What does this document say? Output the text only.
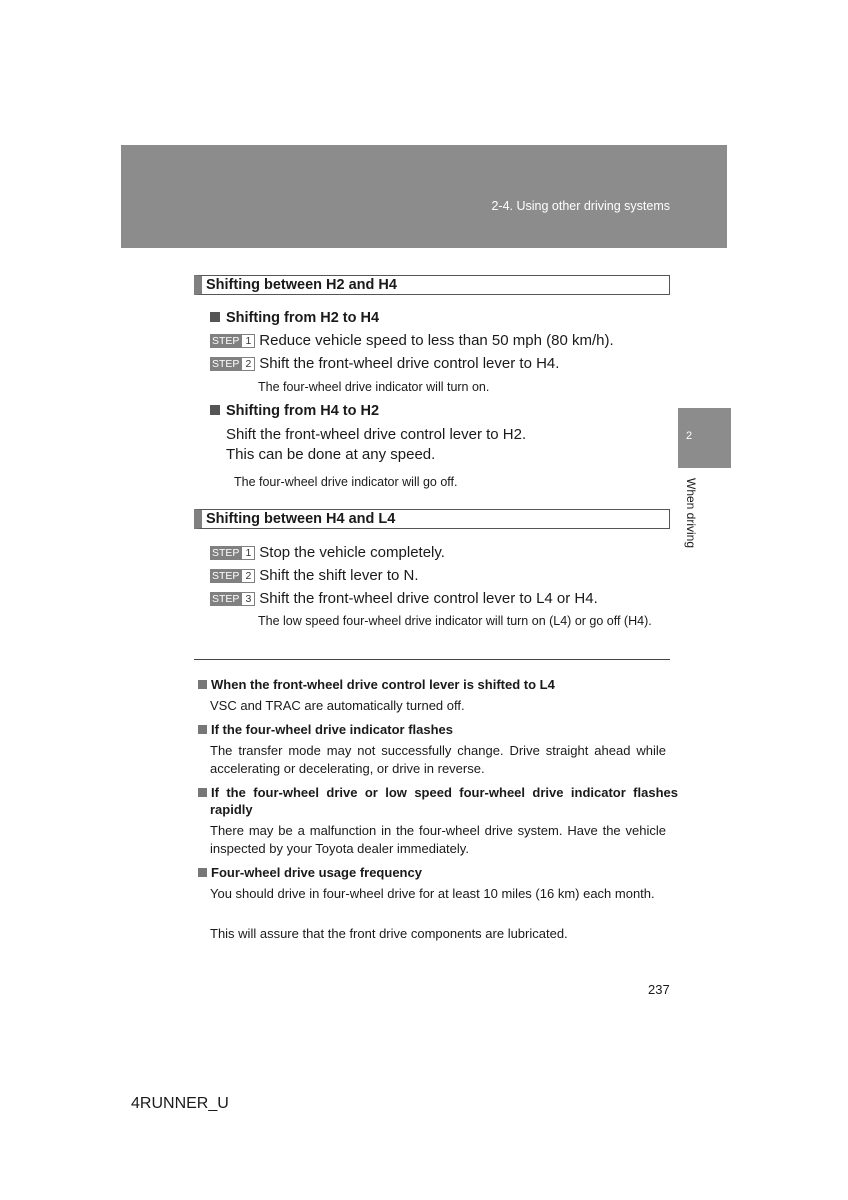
2-4. Using other driving systems
2
When driving
Shifting between H2 and H4
Shifting from H2 to H4
STEP 1 Reduce vehicle speed to less than 50 mph (80 km/h).
STEP 2 Shift the front-wheel drive control lever to H4.
The four-wheel drive indicator will turn on.
Shifting from H4 to H2
Shift the front-wheel drive control lever to H2.
This can be done at any speed.
The four-wheel drive indicator will go off.
Shifting between H4 and L4
STEP 1 Stop the vehicle completely.
STEP 2 Shift the shift lever to N.
STEP 3 Shift the front-wheel drive control lever to L4 or H4.
The low speed four-wheel drive indicator will turn on (L4) or go off (H4).
When the front-wheel drive control lever is shifted to L4
VSC and TRAC are automatically turned off.
If the four-wheel drive indicator flashes
The transfer mode may not successfully change. Drive straight ahead while accelerating or decelerating, or drive in reverse.
If the four-wheel drive or low speed four-wheel drive indicator flashes rapidly
There may be a malfunction in the four-wheel drive system. Have the vehicle inspected by your Toyota dealer immediately.
Four-wheel drive usage frequency
You should drive in four-wheel drive for at least 10 miles (16 km) each month.
This will assure that the front drive components are lubricated.
237
4RUNNER_U
